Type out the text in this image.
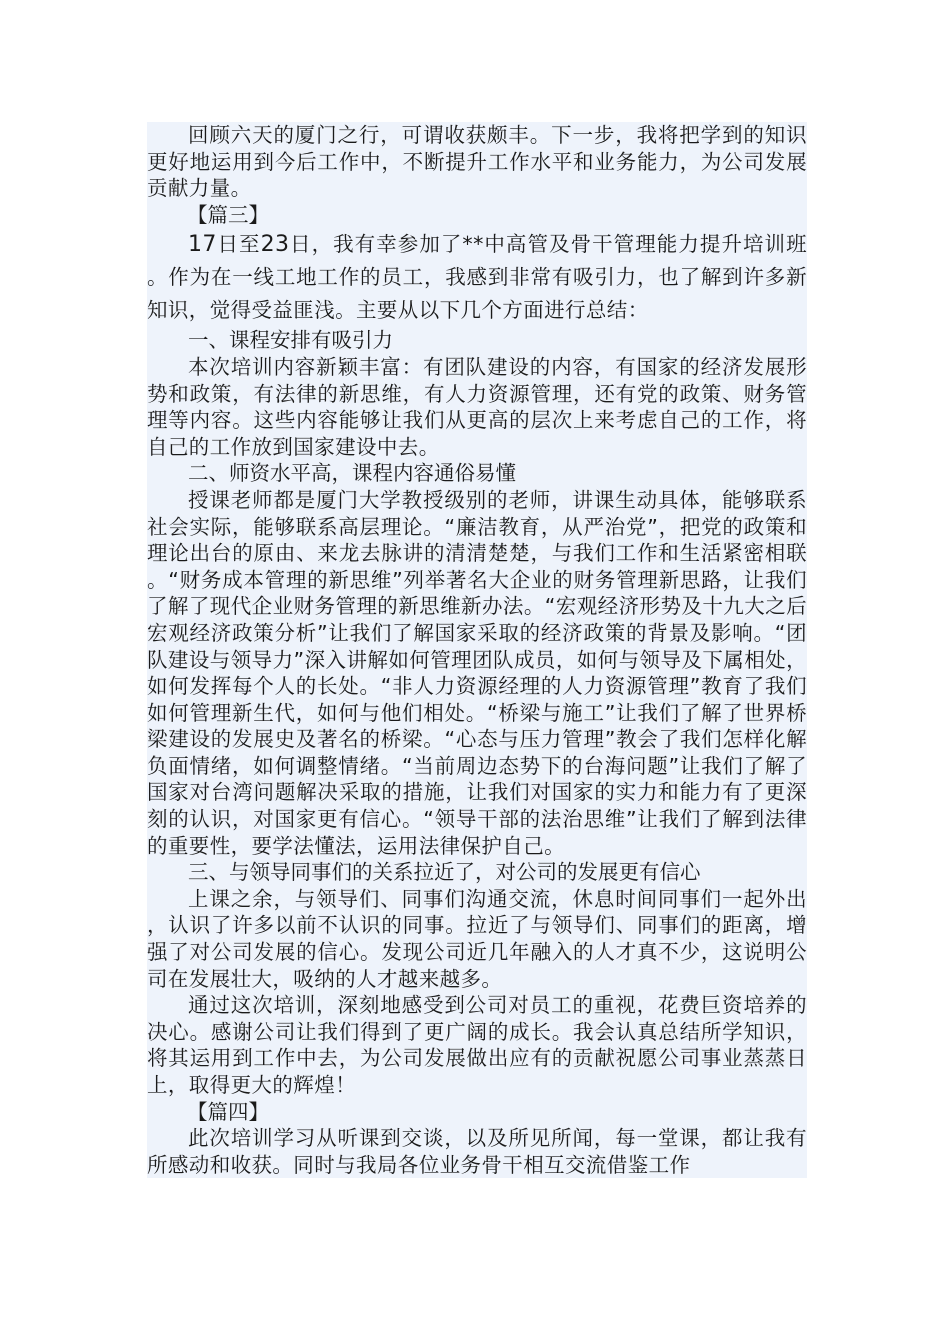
回顾六天的厦门之行，可谓收获颇丰。下一步，我将把学到的知识更好地运用到今后工作中，不断提升工作水平和业务能力，为公司发展贡献力量。

【篇三】

17日至23日，我有幸参加了**中高管及骨干管理能力提升培训班。作为在一线工地工作的员工，我感到非常有吸引力，也了解到许多新知识，觉得受益匪浅。主要从以下几个方面进行总结：

一、课程安排有吸引力

本次培训内容新颖丰富：有团队建设的内容，有国家的经济发展形势和政策，有法律的新思维，有人力资源管理，还有党的政策、财务管理等内容。这些内容能够让我们从更高的层次上来考虑自己的工作，将自己的工作放到国家建设中去。

二、师资水平高，课程内容通俗易懂

授课老师都是厦门大学教授级别的老师，讲课生动具体，能够联系社会实际，能够联系高层理论。“廉洁教育，从严治党”，把党的政策和理论出台的原由、来龙去脉讲的清清楚楚，与我们工作和生活紧密相联。“财务成本管理的新思维”列举著名大企业的财务管理新思路，让我们了解了现代企业财务管理的新思维新办法。“宏观经济形势及十九大之后宏观经济政策分析”让我们了解国家采取的经济政策的背景及影响。“团队建设与领导力”深入讲解如何管理团队成员，如何与领导及下属相处，如何发挥每个人的长处。“非人力资源经理的人力资源管理”教育了我们如何管理新生代，如何与他们相处。“桥梁与施工”让我们了解了世界桥梁建设的发展史及著名的桥梁。“心态与压力管理”教会了我们怎样化解负面情绪，如何调整情绪。“当前周边态势下的台海问题”让我们了解了国家对台湾问题解决采取的措施，让我们对国家的实力和能力有了更深刻的认识，对国家更有信心。“领导干部的法治思维”让我们了解到法律的重要性，要学法懂法，运用法律保护自己。

三、与领导同事们的关系拉近了，对公司的发展更有信心

上课之余，与领导们、同事们沟通交流，休息时间同事们一起外出，认识了许多以前不认识的同事。拉近了与领导们、同事们的距离，增强了对公司发展的信心。发现公司近几年融入的人才真不少，这说明公司在发展壮大，吸纳的人才越来越多。

通过这次培训，深刻地感受到公司对员工的重视，花费巨资培养的决心。感谢公司让我们得到了更广阔的成长。我会认真总结所学知识，将其运用到工作中去，为公司发展做出应有的贡献祝愿公司事业蒸蒸日上，取得更大的辉煌！

【篇四】

此次培训学习从听课到交谈，以及所见所闻，每一堂课，都让我有所感动和收获。同时与我局各位业务骨干相互交流借鉴工作
